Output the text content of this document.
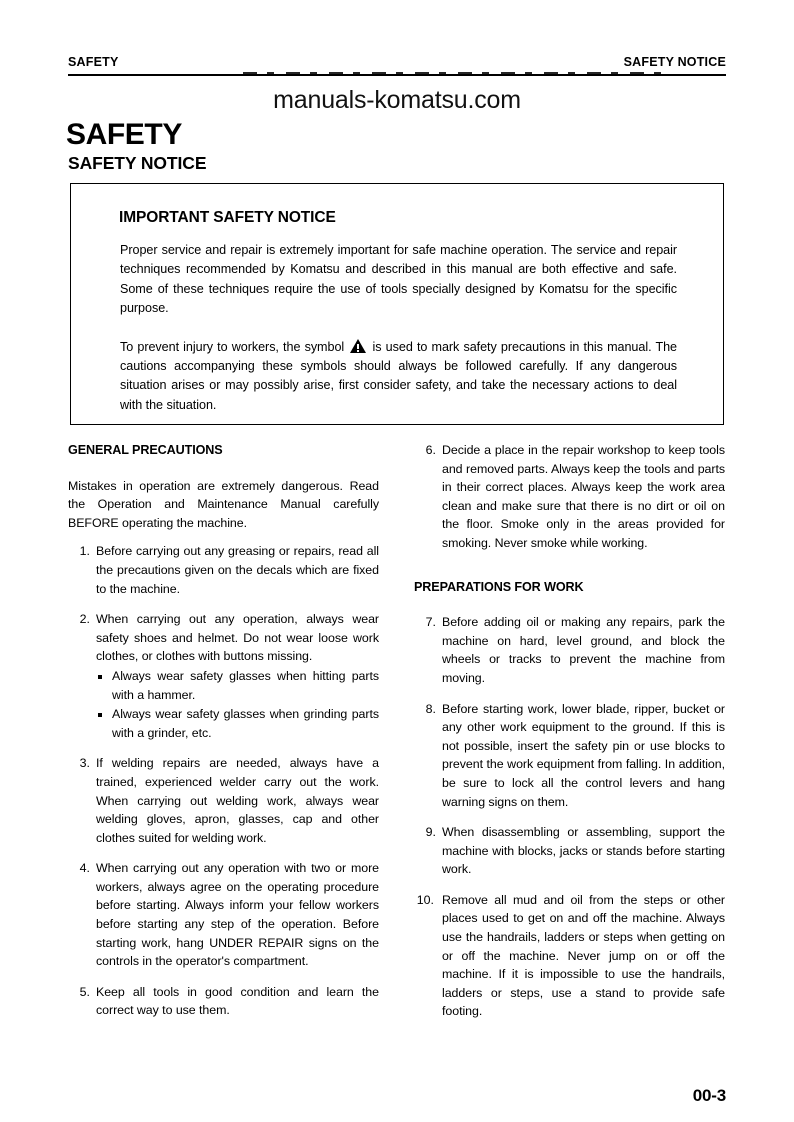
SAFETY	SAFETY NOTICE
manuals-komatsu.com
SAFETY
SAFETY NOTICE
IMPORTANT SAFETY NOTICE

Proper service and repair is extremely important for safe machine operation. The service and repair techniques recommended by Komatsu and described in this manual are both effective and safe. Some of these techniques require the use of tools specially designed by Komatsu for the specific purpose.

To prevent injury to workers, the symbol is used to mark safety precautions in this manual. The cautions accompanying these symbols should always be followed carefully. If any dangerous situation arises or may possibly arise, first consider safety, and take the necessary actions to deal with the situation.

GENERAL PRECAUTIONS

Mistakes in operation are extremely dangerous. Read the Operation and Maintenance Manual carefully BEFORE operating the machine.

1. Before carrying out any greasing or repairs, read all the precautions given on the decals which are fixed to the machine.
2. When carrying out any operation, always wear safety shoes and helmet. Do not wear loose work clothes, or clothes with buttons missing.
Always wear safety glasses when hitting parts with a hammer.
Always wear safety glasses when grinding parts with a grinder, etc.
3. If welding repairs are needed, always have a trained, experienced welder carry out the work. When carrying out welding work, always wear welding gloves, apron, glasses, cap and other clothes suited for welding work.
4. When carrying out any operation with two or more workers, always agree on the operating procedure before starting. Always inform your fellow workers before starting any step of the operation. Before starting work, hang UNDER REPAIR signs on the controls in the operator's compartment.
5. Keep all tools in good condition and learn the correct way to use them.
6. Decide a place in the repair workshop to keep tools and removed parts. Always keep the tools and parts in their correct places. Always keep the work area clean and make sure that there is no dirt or oil on the floor. Smoke only in the areas provided for smoking. Never smoke while working.
PREPARATIONS FOR WORK
7. Before adding oil or making any repairs, park the machine on hard, level ground, and block the wheels or tracks to prevent the machine from moving.
8. Before starting work, lower blade, ripper, bucket or any other work equipment to the ground. If this is not possible, insert the safety pin or use blocks to prevent the work equipment from falling. In addition, be sure to lock all the control levers and hang warning signs on them.
9. When disassembling or assembling, support the machine with blocks, jacks or stands before starting work.
10. Remove all mud and oil from the steps or other places used to get on and off the machine. Always use the handrails, ladders or steps when getting on or off the machine. Never jump on or off the machine. If it is impossible to use the handrails, ladders or steps, use a stand to provide safe footing.
00-3
